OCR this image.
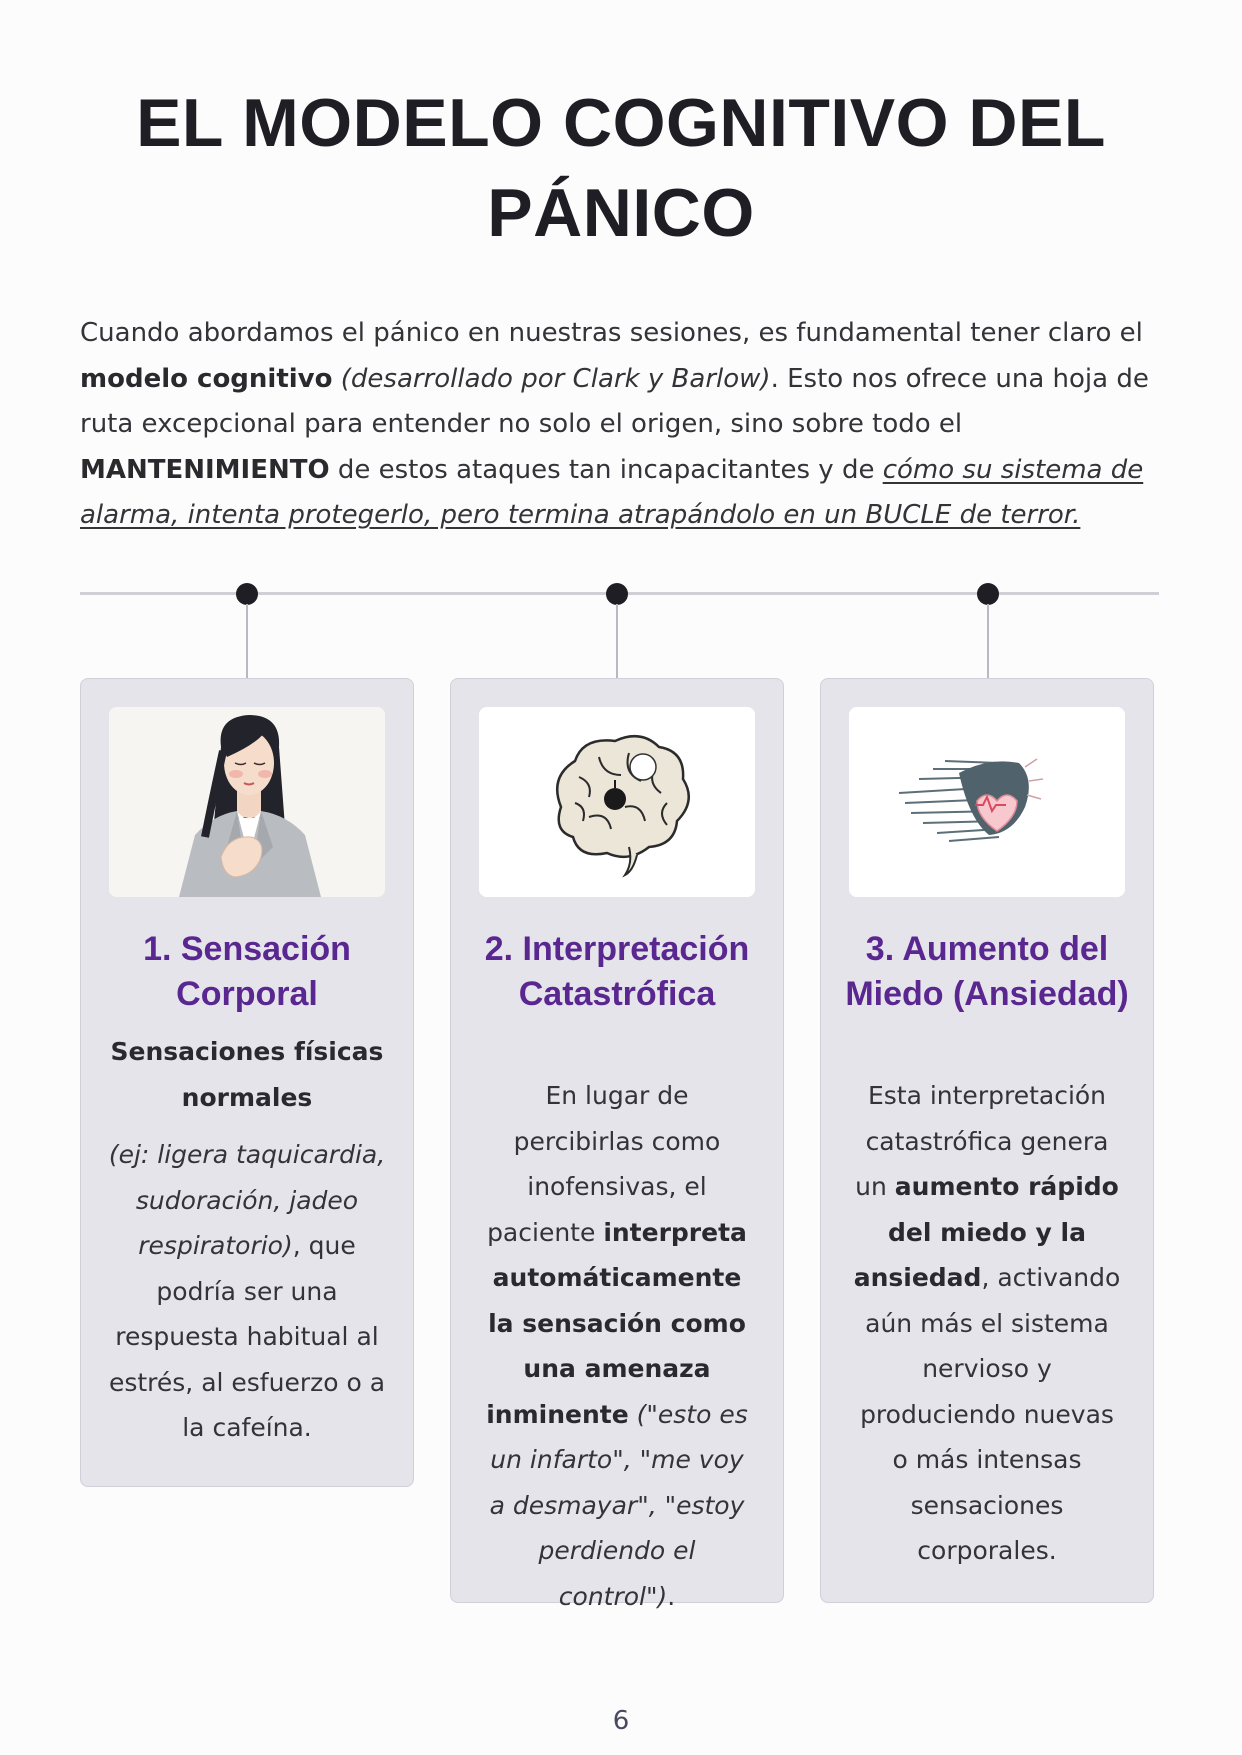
EL MODELO COGNITIVO DEL PÁNICO

Cuando abordamos el pánico en nuestras sesiones, es fundamental tener claro el modelo cognitivo (desarrollado por Clark y Barlow). Esto nos ofrece una hoja de ruta excepcional para entender no solo el origen, sino sobre todo el MANTENIMIENTO de estos ataques tan incapacitantes y de cómo su sistema de alarma, intenta protegerlo, pero termina atrapándolo en un BUCLE de terror.

1. Sensación Corporal

Sensaciones físicas normales

(ej: ligera taquicardia, sudoración, jadeo respiratorio), que podría ser una respuesta habitual al estrés, al esfuerzo o a la cafeína.

2. Interpretación Catastrófica

En lugar de percibirlas como inofensivas, el paciente interpreta automáticamente la sensación como una amenaza inminente ("esto es un infarto", "me voy a desmayar", "estoy perdiendo el control").

3. Aumento del Miedo (Ansiedad)

Esta interpretación catastrófica genera un aumento rápido del miedo y la ansiedad, activando aún más el sistema nervioso y produciendo nuevas o más intensas sensaciones corporales.

6
